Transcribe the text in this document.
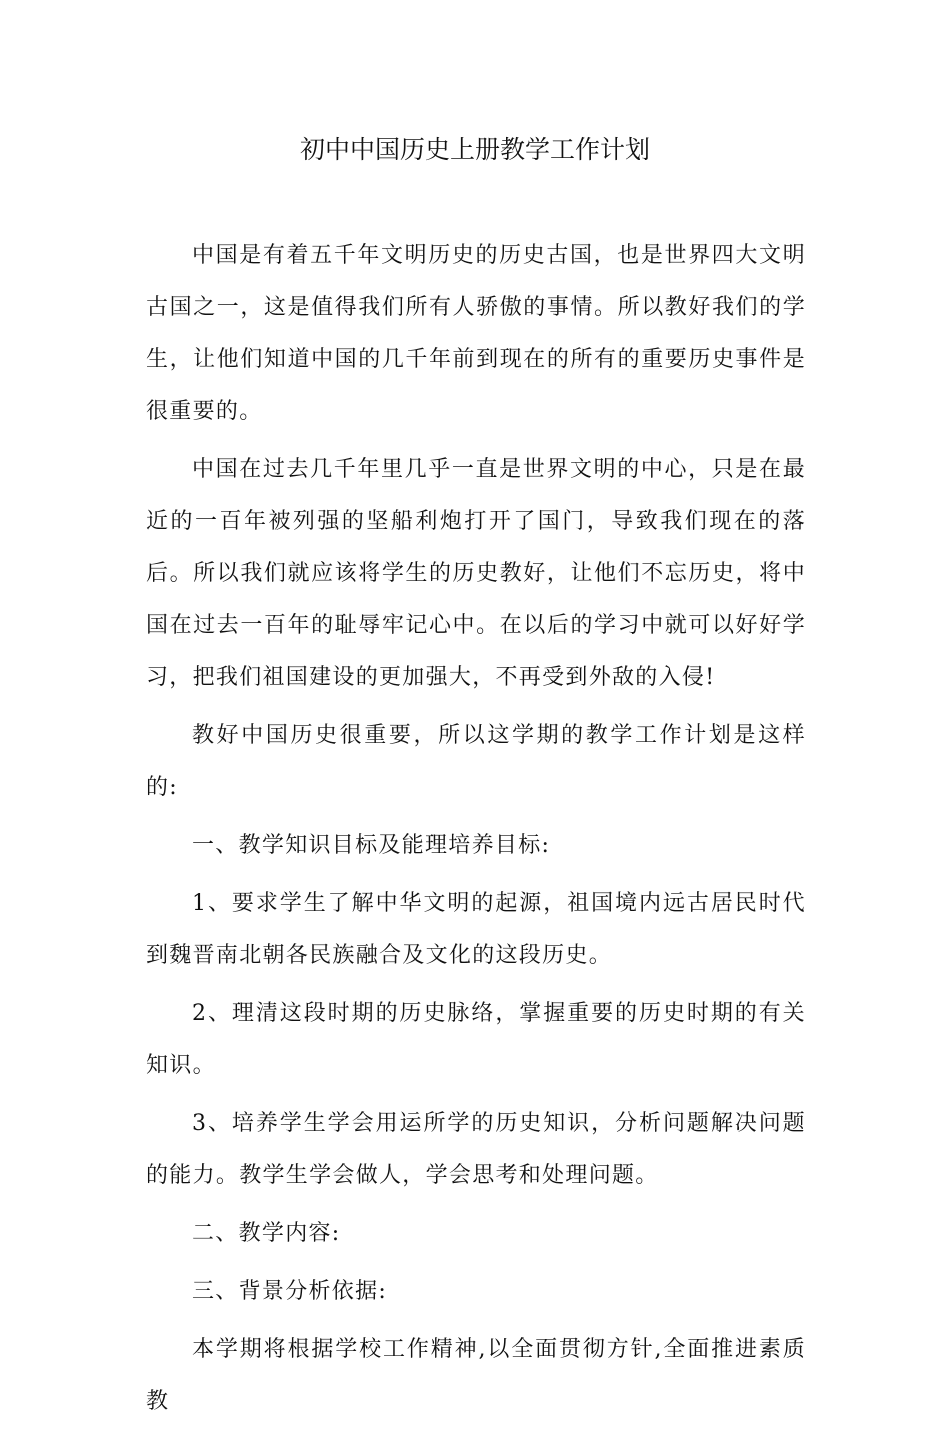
初中中国历史上册教学工作计划

中国是有着五千年文明历史的历史古国，也是世界四大文明古国之一，这是值得我们所有人骄傲的事情。所以教好我们的学生，让他们知道中国的几千年前到现在的所有的重要历史事件是很重要的。

中国在过去几千年里几乎一直是世界文明的中心，只是在最近的一百年被列强的坚船利炮打开了国门，导致我们现在的落后。所以我们就应该将学生的历史教好，让他们不忘历史，将中国在过去一百年的耻辱牢记心中。在以后的学习中就可以好好学习，把我们祖国建设的更加强大，不再受到外敌的入侵!

教好中国历史很重要，所以这学期的教学工作计划是这样的:

一、教学知识目标及能理培养目标:

1、要求学生了解中华文明的起源，祖国境内远古居民时代到魏晋南北朝各民族融合及文化的这段历史。

2、理清这段时期的历史脉络，掌握重要的历史时期的有关知识。

3、培养学生学会用运所学的历史知识，分析问题解决问题的能力。教学生学会做人，学会思考和处理问题。

二、教学内容:

三、背景分析依据:

本学期将根据学校工作精神,以全面贯彻方针,全面推进素质教
